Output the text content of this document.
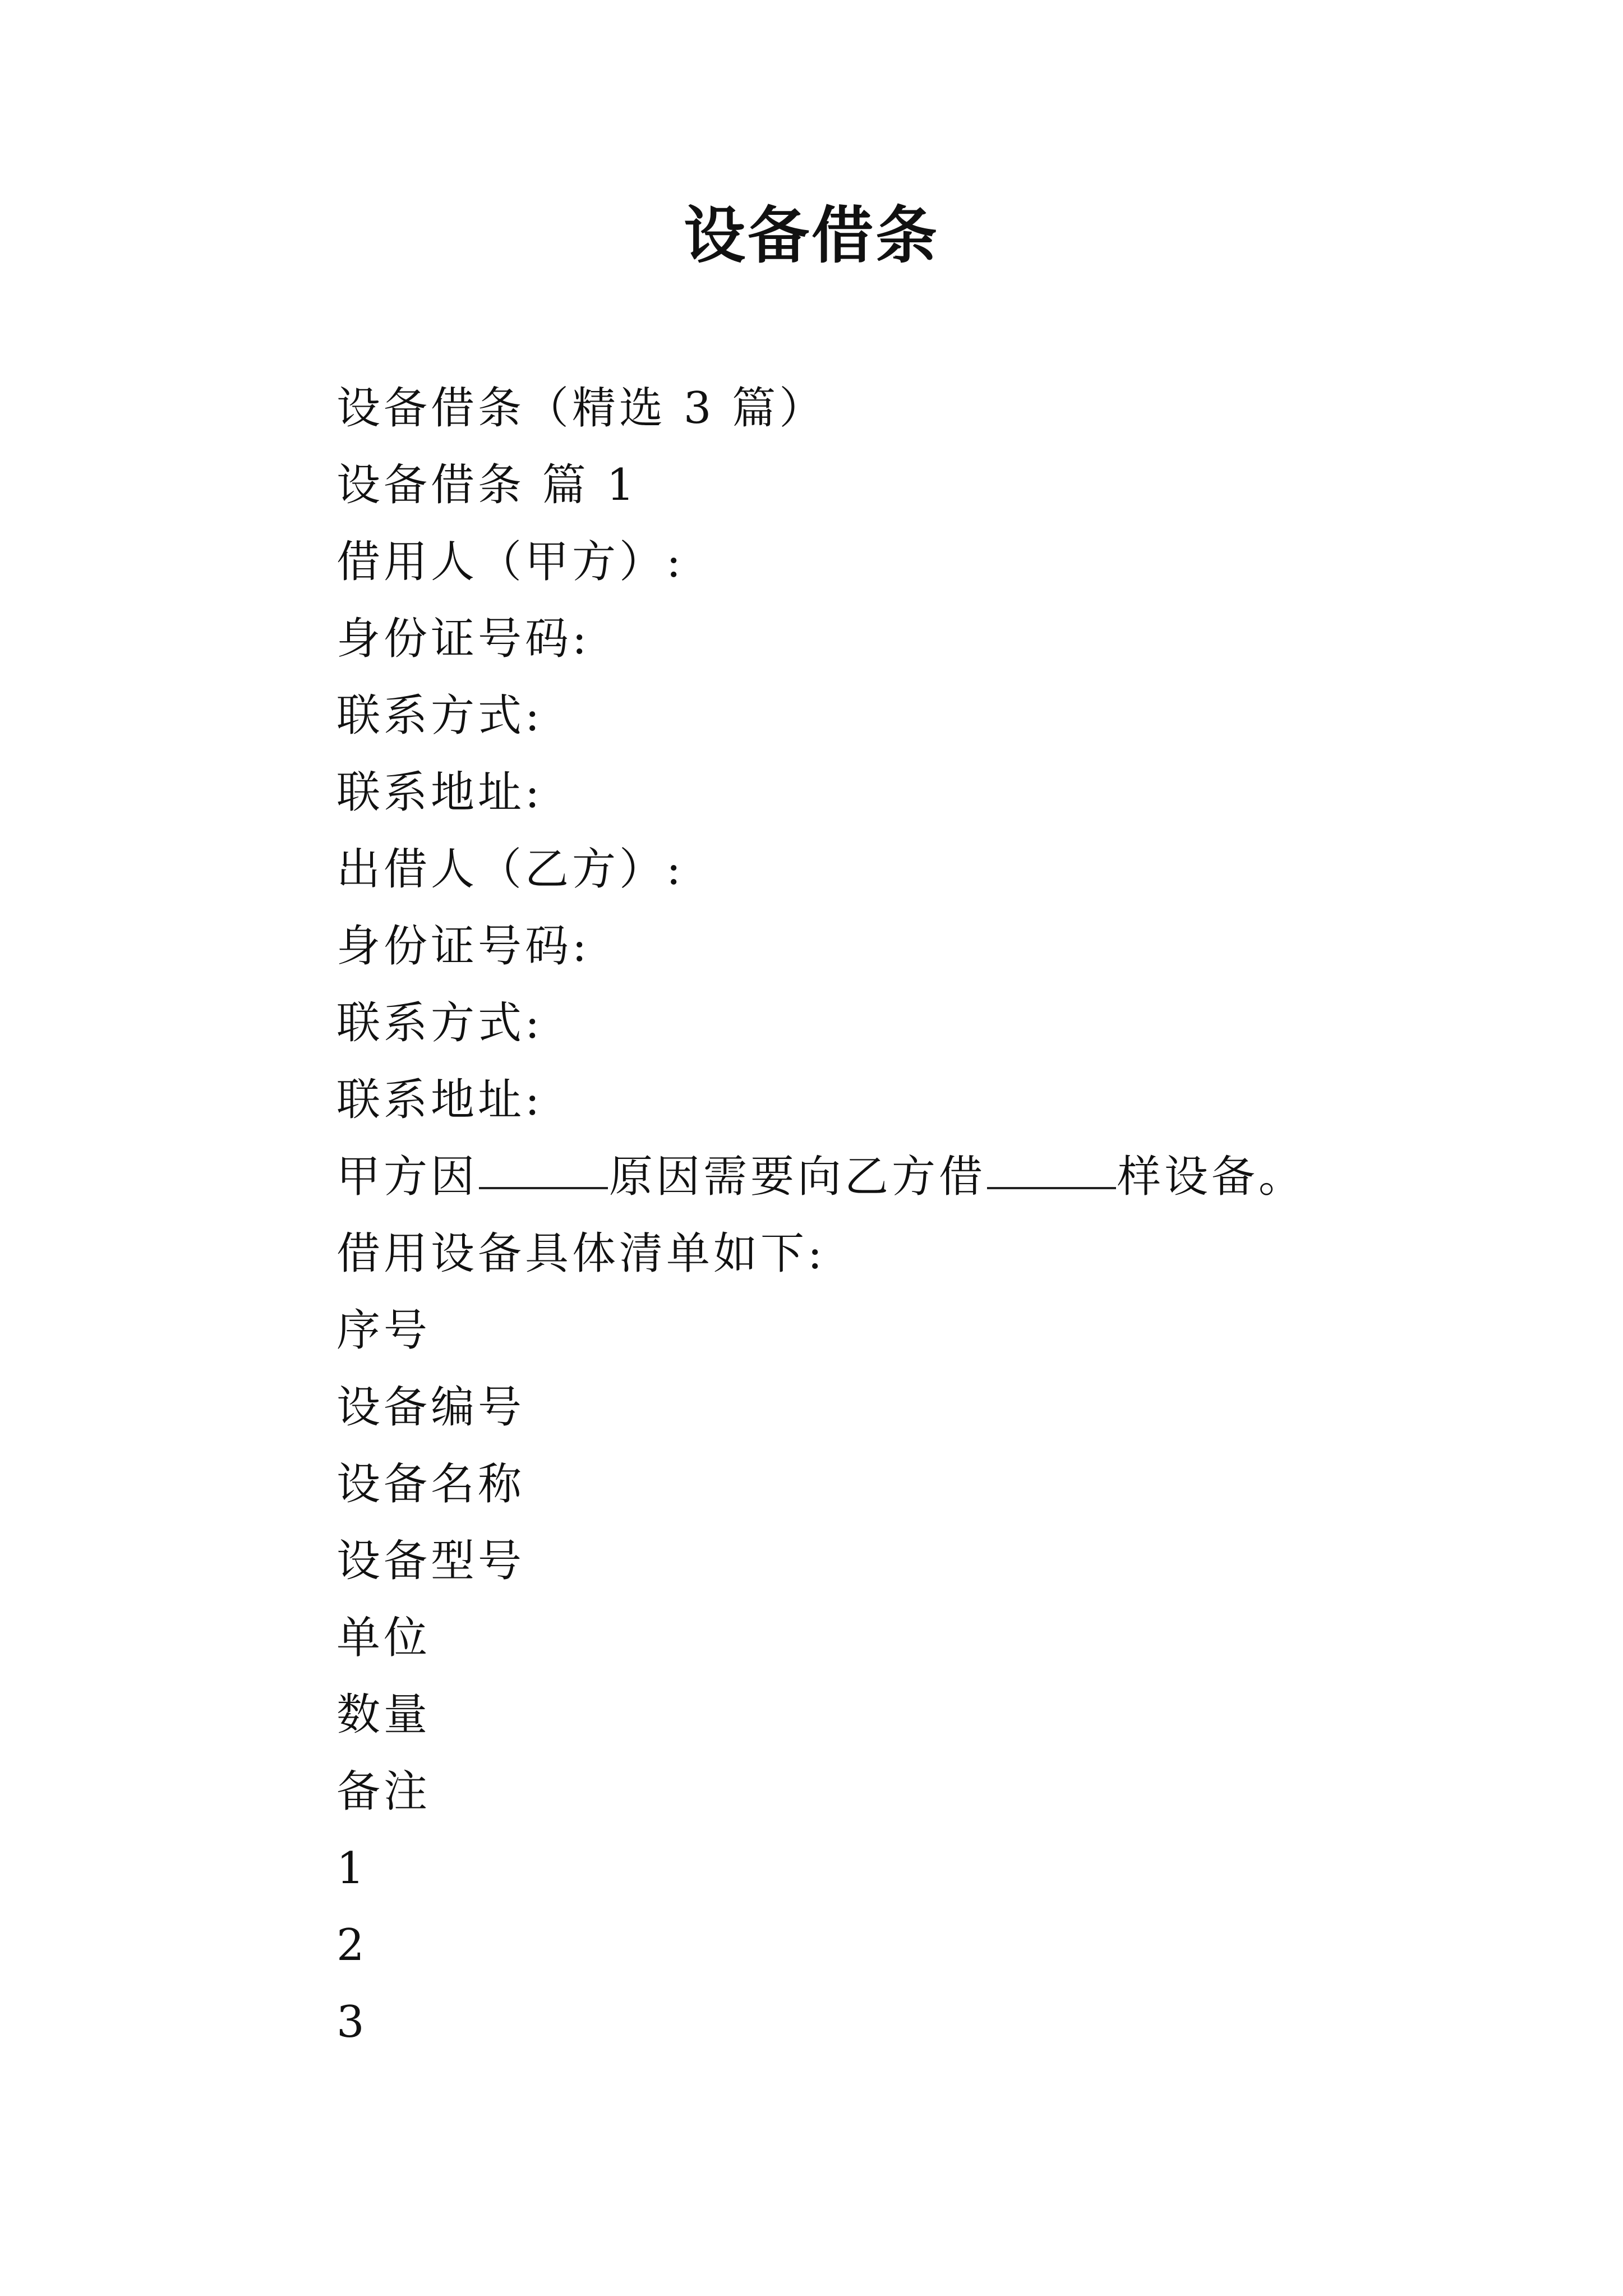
设备借条
设备借条（精选 3 篇）
设备借条 篇 1
借用人（甲方）:
身份证号码:
联系方式:
联系地址:
出借人（乙方）:
身份证号码:
联系方式:
联系地址:
甲方因	原因需要向乙方借	样设备。
借用设备具体清单如下:
序号
设备编号
设备名称
设备型号
单位
数量
备注
1
2
3
